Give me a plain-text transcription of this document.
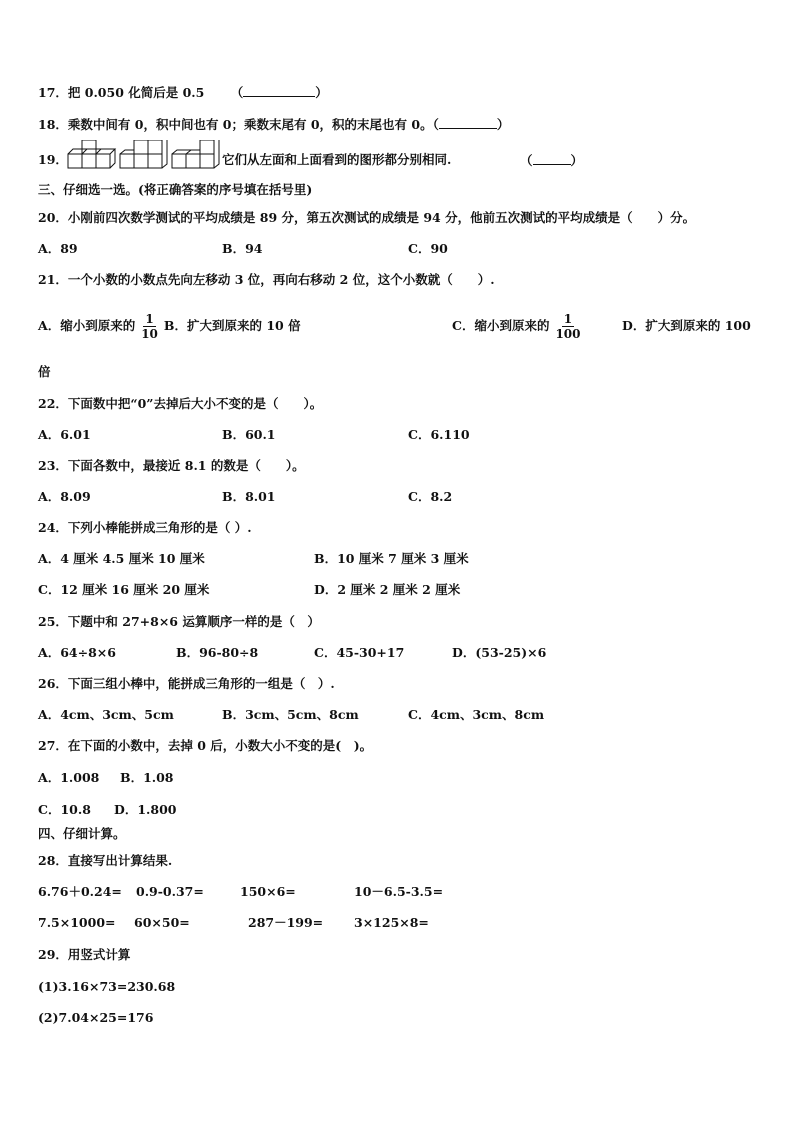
17．把 0.050 化简后是 0.5 （	）
18．乘数中间有 0，积中间也有 0；乘数末尾有 0，积的末尾也有 0。（	）
19．	它们从左面和上面看到的图形都分别相同.	（	）
三、仔细选一选。(将正确答案的序号填在括号里)
20．小刚前四次数学测试的平均成绩是 89 分，第五次测试的成绩是 94 分，他前五次测试的平均成绩是（　　）分。
A．89	B．94	C．90
21．一个小数的小数点先向左移动 3 位，再向右移动 2 位，这个小数就（　　）.
A．缩小到原来的 $\frac{1}{10}$ B．扩大到原来的 10 倍	C．缩小到原来的 $\frac{1}{100}$	D．扩大到原来的 100
倍
22．下面数中把“0”去掉后大小不变的是（　　）。
A．6.01	B．60.1	C．6.110
23．下面各数中，最接近 8.1 的数是（　　）。
A．8.09	B．8.01	C．8.2
24．下列小棒能拼成三角形的是（ ）.
A．4 厘米 4.5 厘米 10 厘米	B．10 厘米 7 厘米 3 厘米
C．12 厘米 16 厘米 20 厘米	D．2 厘米 2 厘米 2 厘米
25．下题中和 27+8×6 运算顺序一样的是（　）
A．64÷8×6	B．96-80÷8	C．45-30+17	D．(53-25)×6
26．下面三组小棒中，能拼成三角形的一组是（　）.
A．4cm、3cm、5cm	B．3cm、5cm、8cm	C．4cm、3cm、8cm
27．在下面的小数中，去掉 0 后，小数大小不变的是(　)。
A．1.008 B．1.08
C．10.8 D．1.800
四、仔细计算。
28．直接写出计算结果.
6.76＋0.24= 0.9-0.37=	150×6=	10－6.5-3.5=
7.5×1000= 60×50=	287－199= 3×125×8=
29．用竖式计算
(1)3.16×73=230.68
(2)7.04×25=176
